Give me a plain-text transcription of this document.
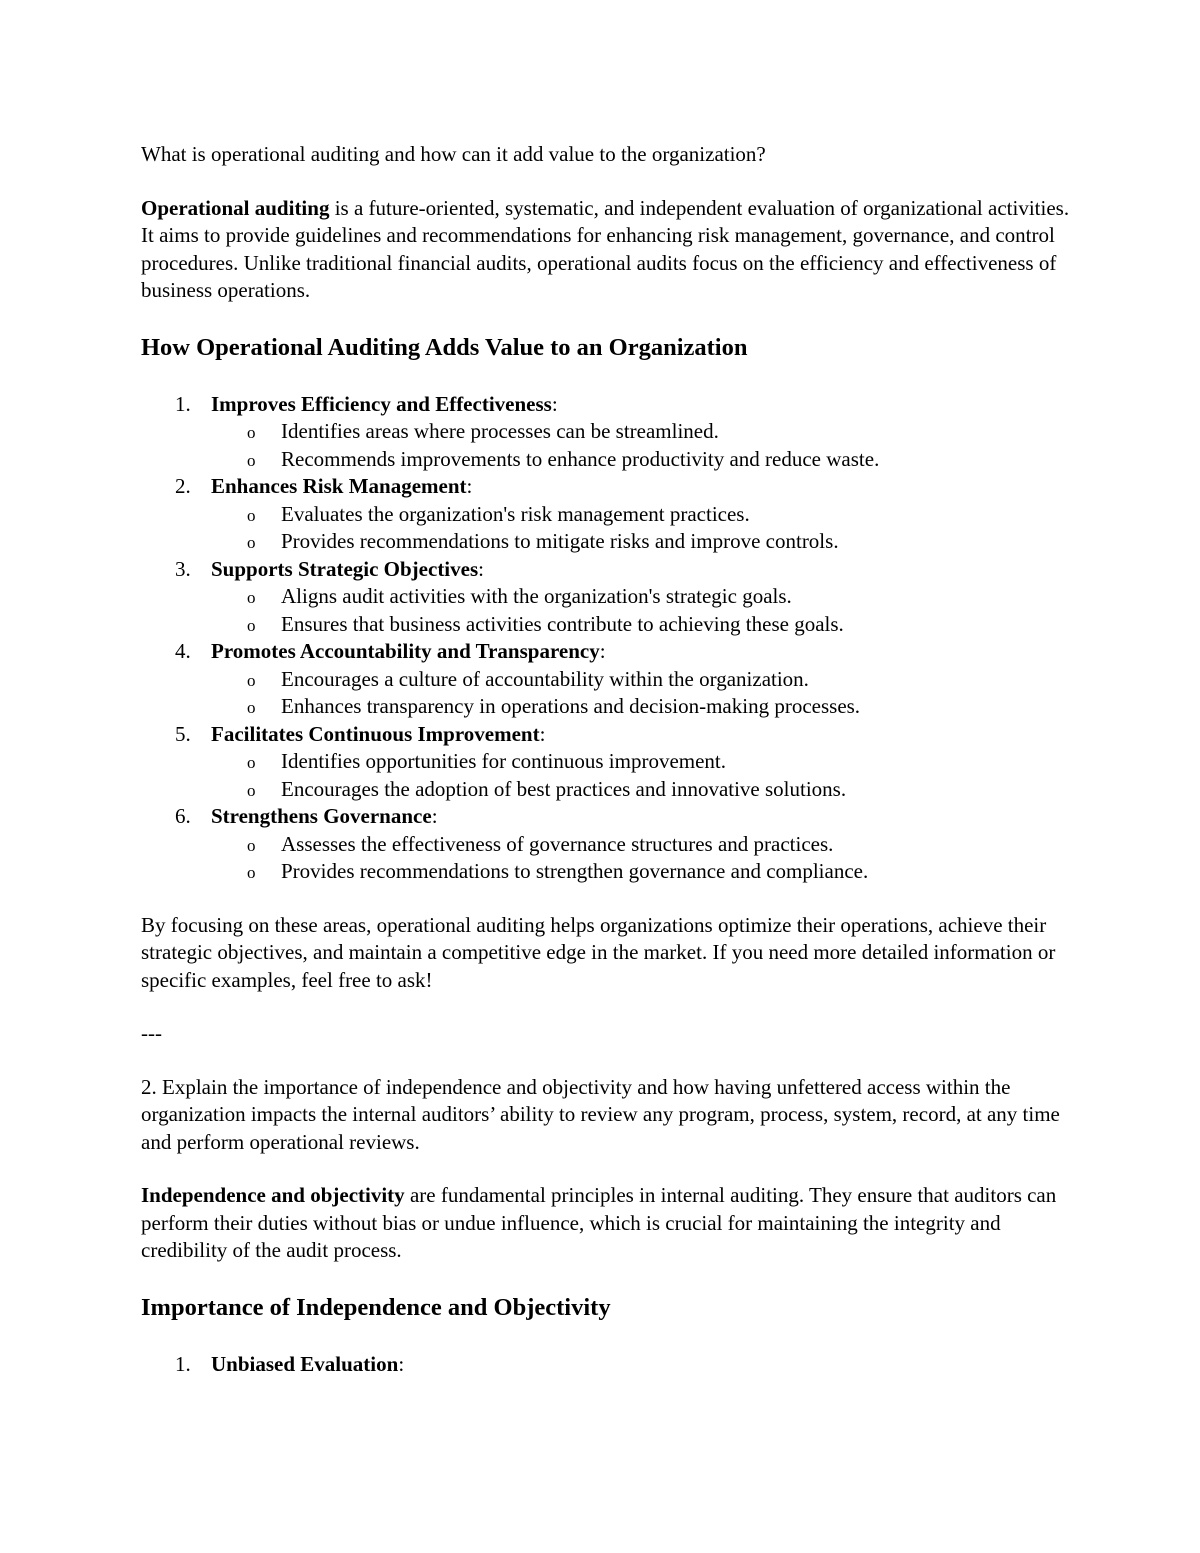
What is operational auditing and how can it add value to the organization?

Operational auditing is a future-oriented, systematic, and independent evaluation of organizational activities. It aims to provide guidelines and recommendations for enhancing risk management, governance, and control procedures. Unlike traditional financial audits, operational audits focus on the efficiency and effectiveness of business operations.

How Operational Auditing Adds Value to an Organization
1. Improves Efficiency and Effectiveness:
o Identifies areas where processes can be streamlined.
o Recommends improvements to enhance productivity and reduce waste.
2. Enhances Risk Management:
o Evaluates the organization's risk management practices.
o Provides recommendations to mitigate risks and improve controls.
3. Supports Strategic Objectives:
o Aligns audit activities with the organization's strategic goals.
o Ensures that business activities contribute to achieving these goals.
4. Promotes Accountability and Transparency:
o Encourages a culture of accountability within the organization.
o Enhances transparency in operations and decision-making processes.
5. Facilitates Continuous Improvement:
o Identifies opportunities for continuous improvement.
o Encourages the adoption of best practices and innovative solutions.
6. Strengthens Governance:
o Assesses the effectiveness of governance structures and practices.
o Provides recommendations to strengthen governance and compliance.

By focusing on these areas, operational auditing helps organizations optimize their operations, achieve their strategic objectives, and maintain a competitive edge in the market. If you need more detailed information or specific examples, feel free to ask!

---

2. Explain the importance of independence and objectivity and how having unfettered access within the organization impacts the internal auditors’ ability to review any program, process, system, record, at any time and perform operational reviews.

Independence and objectivity are fundamental principles in internal auditing. They ensure that auditors can perform their duties without bias or undue influence, which is crucial for maintaining the integrity and credibility of the audit process.

Importance of Independence and Objectivity
1. Unbiased Evaluation:
